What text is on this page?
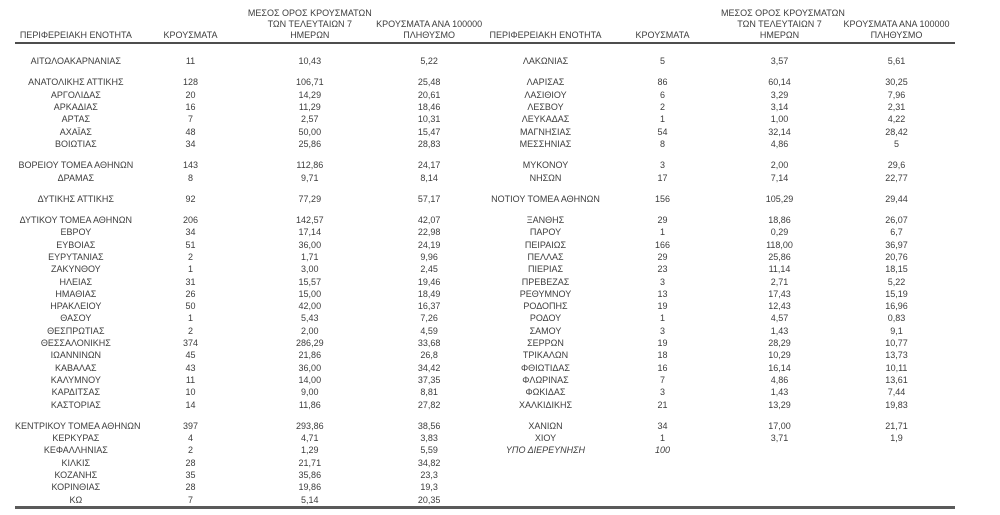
ΠΕΡΙΦΕΡΕΙΑΚΗ ΕΝΟΤΗΤΑ	ΚΡΟΥΣΜΑΤΑ
ΜΕΣΟΣ ΟΡΟΣ ΚΡΟΥΣΜΑΤΩΝ
ΤΩΝ ΤΕΛΕΥΤΑΙΩΝ 7
ΗΜΕΡΩΝ
ΚΡΟΥΣΜΑΤΑ ΑΝΑ 100000
ΠΛΗΘΥΣΜΟ
ΑΙΤΩΛΟΑΚΑΡΝΑΝΙΑΣ	11	10,43	5,22
ΑΝΑΤΟΛΙΚΗΣ ΑΤΤΙΚΗΣ	128	106,71	25,48
ΑΡΓΟΛΙΔΑΣ	20	14,29	20,61
ΑΡΚΑΔΙΑΣ	16	11,29	18,46
ΑΡΤΑΣ	7	2,57	10,31
ΑΧΑΪΑΣ	48	50,00	15,47
ΒΟΙΩΤΙΑΣ	34	25,86	28,83
ΒΟΡΕΙΟΥ ΤΟΜΕΑ ΑΘΗΝΩΝ	143	112,86	24,17
ΔΡΑΜΑΣ	8	9,71	8,14
ΔΥΤΙΚΗΣ ΑΤΤΙΚΗΣ	92	77,29	57,17
ΔΥΤΙΚΟΥ ΤΟΜΕΑ ΑΘΗΝΩΝ	206	142,57	42,07
ΕΒΡΟΥ	34	17,14	22,98
ΕΥΒΟΙΑΣ	51	36,00	24,19
ΕΥΡΥΤΑΝΙΑΣ	2	1,71	9,96
ΖΑΚΥΝΘΟΥ	1	3,00	2,45
ΗΛΕΙΑΣ	31	15,57	19,46
ΗΜΑΘΙΑΣ	26	15,00	18,49
ΗΡΑΚΛΕΙΟΥ	50	42,00	16,37
ΘΑΣΟΥ	1	5,43	7,26
ΘΕΣΠΡΩΤΙΑΣ	2	2,00	4,59
ΘΕΣΣΑΛΟΝΙΚΗΣ	374	286,29	33,68
ΙΩΑΝΝΙΝΩΝ	45	21,86	26,8
ΚΑΒΑΛΑΣ	43	36,00	34,42
ΚΑΛΥΜΝΟΥ	11	14,00	37,35
ΚΑΡΔΙΤΣΑΣ	10	9,00	8,81
ΚΑΣΤΟΡΙΑΣ	14	11,86	27,82
ΚΕΝΤΡΙΚΟΥ ΤΟΜΕΑ ΑΘΗΝΩΝ	397	293,86	38,56
ΚΕΡΚΥΡΑΣ	4	4,71	3,83
ΚΕΦΑΛΛΗΝΙΑΣ	2	1,29	5,59
ΚΙΛΚΙΣ	28	21,71	34,82
ΚΟΖΑΝΗΣ	35	35,86	23,3
ΚΟΡΙΝΘΙΑΣ	28	19,86	19,3
ΚΩ	7	5,14	20,35
ΠΕΡΙΦΕΡΕΙΑΚΗ ΕΝΟΤΗΤΑ	ΚΡΟΥΣΜΑΤΑ
ΜΕΣΟΣ ΟΡΟΣ ΚΡΟΥΣΜΑΤΩΝ
ΤΩΝ ΤΕΛΕΥΤΑΙΩΝ 7
ΗΜΕΡΩΝ
ΚΡΟΥΣΜΑΤΑ ΑΝΑ 100000
ΠΛΗΘΥΣΜΟ
ΛΑΚΩΝΙΑΣ	5	3,57	5,61
ΛΑΡΙΣΑΣ	86	60,14	30,25
ΛΑΣΙΘΙΟΥ	6	3,29	7,96
ΛΕΣΒΟΥ	2	3,14	2,31
ΛΕΥΚΑΔΑΣ	1	1,00	4,22
ΜΑΓΝΗΣΙΑΣ	54	32,14	28,42
ΜΕΣΣΗΝΙΑΣ	8	4,86	5
ΜΥΚΟΝΟΥ	3	2,00	29,6
ΝΗΣΩΝ	17	7,14	22,77
ΝΟΤΙΟΥ ΤΟΜΕΑ ΑΘΗΝΩΝ	156	105,29	29,44
ΞΑΝΘΗΣ	29	18,86	26,07
ΠΑΡΟΥ	1	0,29	6,7
ΠΕΙΡΑΙΩΣ	166	118,00	36,97
ΠΕΛΛΑΣ	29	25,86	20,76
ΠΙΕΡΙΑΣ	23	11,14	18,15
ΠΡΕΒΕΖΑΣ	3	2,71	5,22
ΡΕΘΥΜΝΟΥ	13	17,43	15,19
ΡΟΔΟΠΗΣ	19	12,43	16,96
ΡΟΔΟΥ	1	4,57	0,83
ΣΑΜΟΥ	3	1,43	9,1
ΣΕΡΡΩΝ	19	28,29	10,77
ΤΡΙΚΑΛΩΝ	18	10,29	13,73
ΦΘΙΩΤΙΔΑΣ	16	16,14	10,11
ΦΛΩΡΙΝΑΣ	7	4,86	13,61
ΦΩΚΙΔΑΣ	3	1,43	7,44
ΧΑΛΚΙΔΙΚΗΣ	21	13,29	19,83
ΧΑΝΙΩΝ	34	17,00	21,71
ΧΙΟΥ	1	3,71	1,9
ΥΠΟ ΔΙΕΡΕΥΝΗΣΗ	100
